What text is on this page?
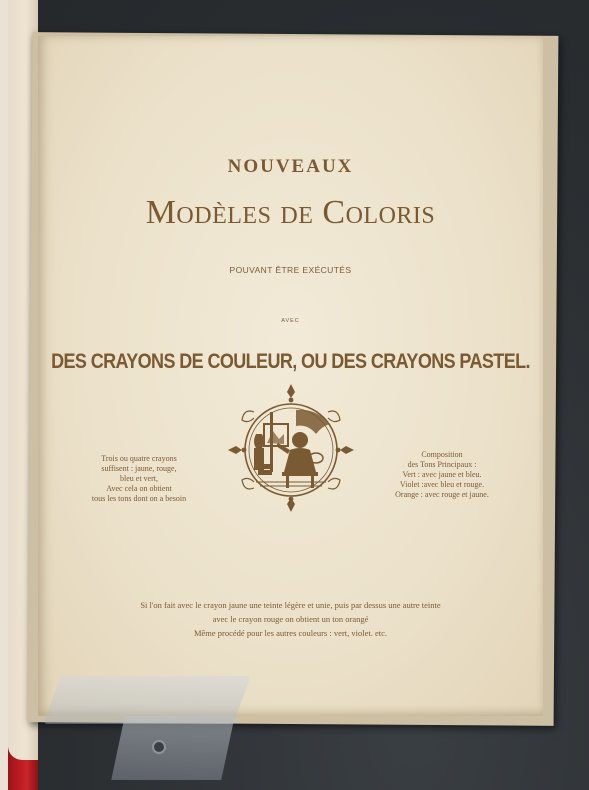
NOUVEAUX
Modèles de Coloris
POUVANT ÊTRE EXÉCUTÉS
AVEC
DES CRAYONS DE COULEUR, OU DES CRAYONS PASTEL.
Trois ou quatre crayons
suffisent : jaune, rouge,
bleu et vert,
Avec cela on obtient
tous les tons dont on a besoin
Composition
des Tons Principaux :
Vert : avec jaune et bleu.
Violet :avec bleu et rouge.
Orange : avec rouge et jaune.
Si l'on fait avec le crayon jaune une teinte légère et unie, puis par dessus une autre teinte
avec le crayon rouge on obtient un ton orangé
Même procédé pour les autres couleurs : vert, violet. etc.
